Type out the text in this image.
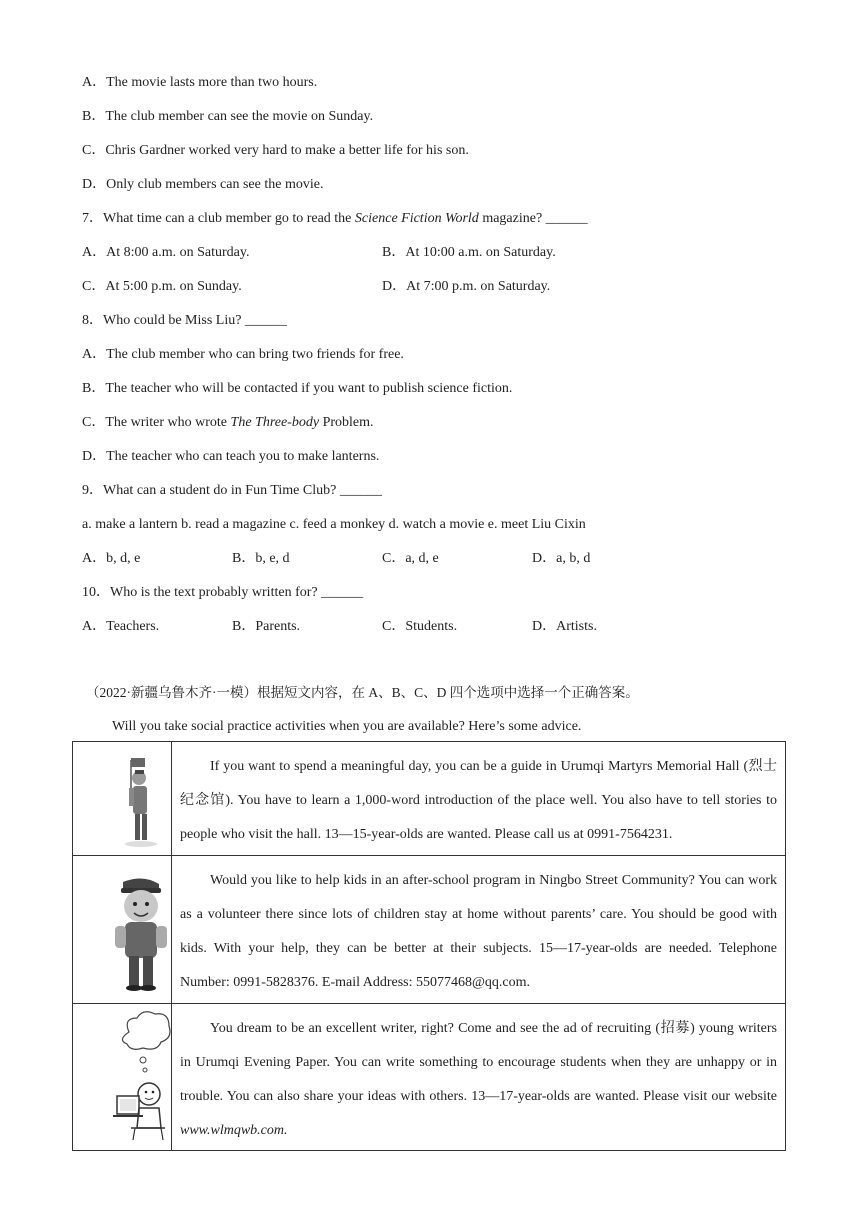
A．The movie lasts more than two hours.
B．The club member can see the movie on Sunday.
C．Chris Gardner worked very hard to make a better life for his son.
D．Only club members can see the movie.
7．What time can a club member go to read the Science Fiction World magazine? ______
A．At 8:00 a.m. on Saturday.	B．At 10:00 a.m. on Saturday.
C．At 5:00 p.m. on Sunday.	D．At 7:00 p.m. on Saturday.
8．Who could be Miss Liu? ______
A．The club member who can bring two friends for free.
B．The teacher who will be contacted if you want to publish science fiction.
C．The writer who wrote The Three-body Problem.
D．The teacher who can teach you to make lanterns.
9．What can a student do in Fun Time Club? ______
a. make a lantern b. read a magazine c. feed a monkey d. watch a movie e. meet Liu Cixin
A．b, d, e	B．b, e, d	C．a, d, e	D．a, b, d
10．Who is the text probably written for? ______
A．Teachers.	B．Parents.	C．Students.	D．Artists.
（2022·新疆乌鲁木齐·一模）根据短文内容，在 A、B、C、D 四个选项中选择一个正确答案。
Will you take social practice activities when you are available? Here’s some advice.
If you want to spend a meaningful day, you can be a guide in Urumqi Martyrs Memorial Hall (烈士纪念馆). You have to learn a 1,000-word introduction of the place well. You also have to tell stories to people who visit the hall. 13—15-year-olds are wanted. Please call us at 0991-7564231.
Would you like to help kids in an after-school program in Ningbo Street Community? You can work as a volunteer there since lots of children stay at home without parents’ care. You should be good with kids. With your help, they can be better at their subjects. 15—17-year-olds are needed. Telephone Number: 0991-5828376. E-mail Address: 55077468@qq.com.
You dream to be an excellent writer, right? Come and see the ad of recruiting (招募) young writers in Urumqi Evening Paper. You can write something to encourage students when they are unhappy or in trouble. You can also share your ideas with others. 13—17-year-olds are wanted. Please visit our website www.wlmqwb.com.
